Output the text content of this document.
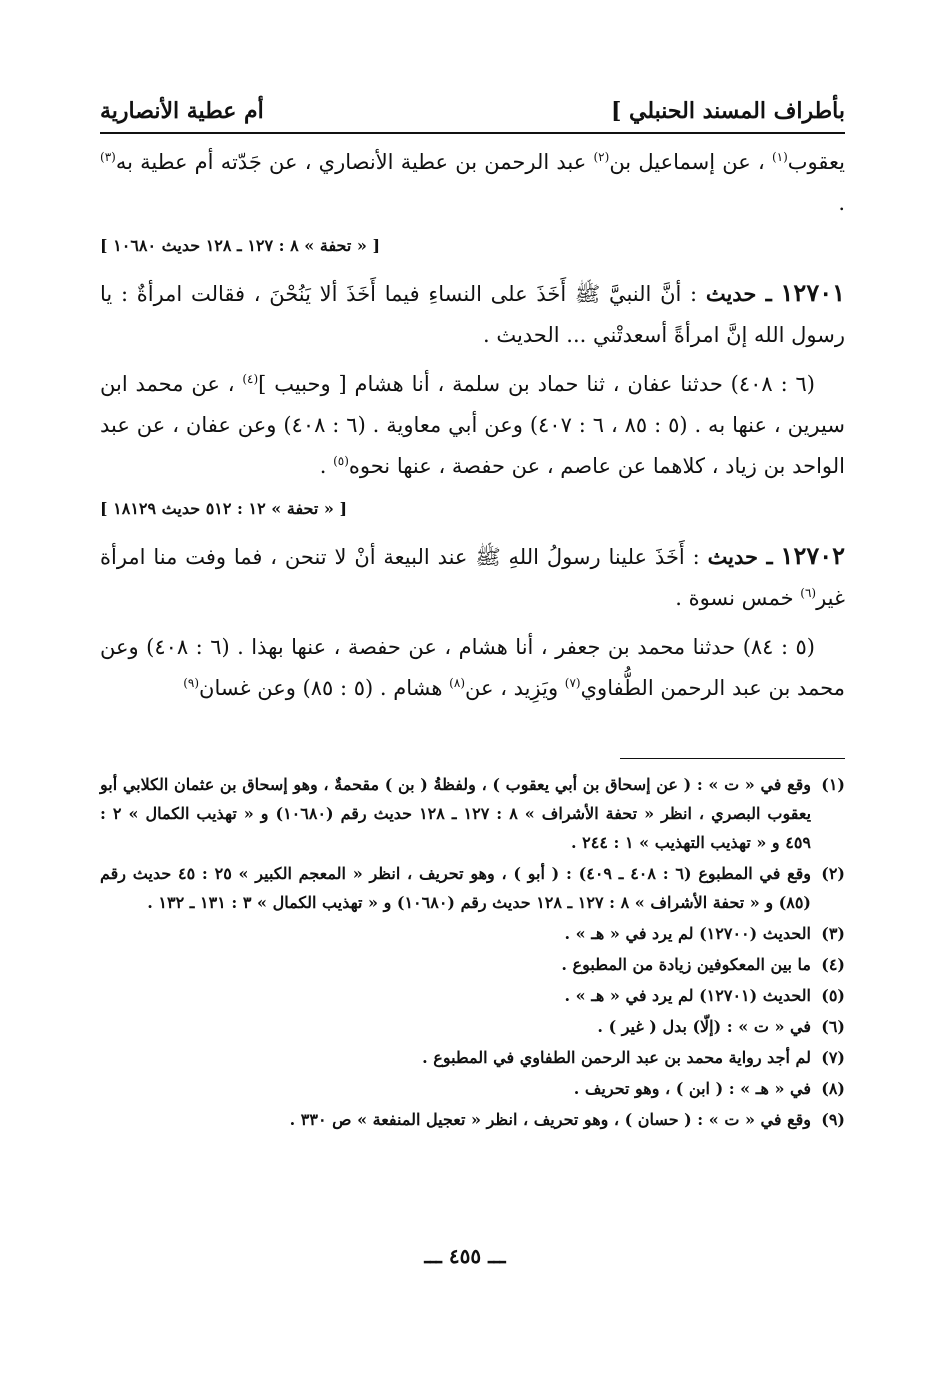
بأطراف المسند الحنبلي ]
أم عطية الأنصارية

يعقوب$^{(١)}$ ، عن إسماعيل بن$^{(٢)}$ عبد الرحمن بن عطية الأنصاري ، عن جَدّته أم عطية به$^{(٣)}$ .

[ « تحفة » ٨ : ١٢٧ ـ ١٢٨ حديث ١٠٦٨٠ ]

١٢٧٠١ ـ حديث : أنَّ النبيَّ ﷺ أَخَذَ على النساءِ فيما أَخَذَ ألا يَنُحْنَ ، فقالت امرأةٌ : يا رسول الله إنَّ امرأةً أسعدتْني ... الحديث .

(٦ : ٤٠٨) حدثنا عفان ، ثنا حماد بن سلمة ، أنا هشام [ وحبيب ]$^{(٤)}$ ، عن محمد ابن سيرين ، عنها به . (٥ : ٨٥ ، ٦ : ٤٠٧) وعن أبي معاوية . (٦ : ٤٠٨) وعن عفان ، عن عبد الواحد بن زياد ، كلاهما عن عاصم ، عن حفصة ، عنها نحوه$^{(٥)}$ .

[ « تحفة » ١٢ : ٥١٢ حديث ١٨١٢٩ ]

١٢٧٠٢ ـ حديث : أَخَذَ علينا رسولُ اللهِ ﷺ عند البيعة أنْ لا تنحن ، فما وفت منا امرأة غير$^{(٦)}$ خمس نسوة .

(٥ : ٨٤) حدثنا محمد بن جعفر ، أنا هشام ، عن حفصة ، عنها بهذا . (٦ : ٤٠٨) وعن محمد بن عبد الرحمن الطُّفاوي$^{(٧)}$ ويَزِيد ، عن$^{(٨)}$ هشام . (٥ : ٨٥) وعن غسان$^{(٩)}$

(١)
وقع في « ت » : ( عن إسحاق بن أبي يعقوب ) ، ولفظةُ ( بن ) مقحمةٌ ، وهو إسحاق بن عثمان الكلابي أبو يعقوب البصري ، انظر « تحفة الأشراف » ٨ : ١٢٧ ـ ١٢٨ حديث رقم (١٠٦٨٠) و « تهذيب الكمال » ٢ : ٤٥٩ و « تهذيب التهذيب » ١ : ٢٤٤ .
(٢)
وقع في المطبوع (٦ : ٤٠٨ ـ ٤٠٩) : ( أبو ) ، وهو تحريف ، انظر « المعجم الكبير » ٢٥ : ٤٥ حديث رقم (٨٥) و « تحفة الأشراف » ٨ : ١٢٧ ـ ١٢٨ حديث رقم (١٠٦٨٠) و « تهذيب الكمال » ٣ : ١٣١ ـ ١٣٢ .
(٣)
الحديث (١٢٧٠٠) لم يرد في « هـ » .
(٤)
ما بين المعكوفين زيادة من المطبوع .
(٥)
الحديث (١٢٧٠١) لم يرد في « هـ » .
(٦)
في « ت » : (إلّا) بدل ( غير ) .
(٧)
لم أجد رواية محمد بن عبد الرحمن الطفاوي في المطبوع .
(٨)
في « هـ » : ( ابن ) ، وهو تحريف .
(٩)
وقع في « ت » : ( حسان ) ، وهو تحريف ، انظر « تعجيل المنفعة » ص ٣٣٠ .
ـــ ٤٥٥ ـــ
